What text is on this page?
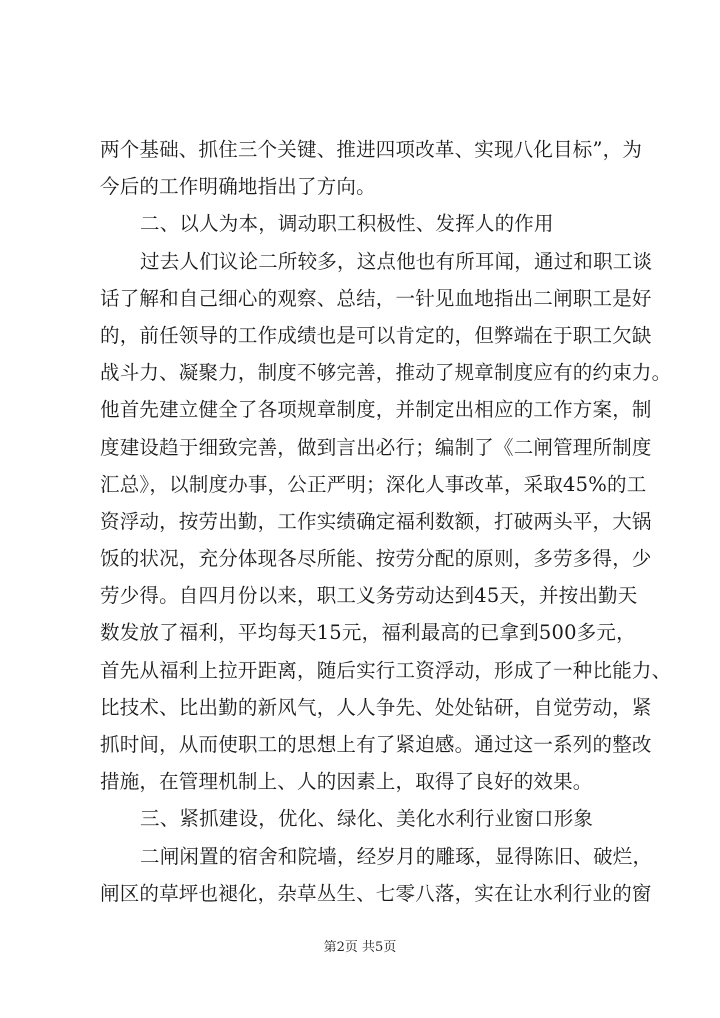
两个基础、抓住三个关键、推进四项改革、实现八化目标”，为
今后的工作明确地指出了方向。
二、以人为本，调动职工积极性、发挥人的作用
过去人们议论二所较多，这点他也有所耳闻，通过和职工谈
话了解和自己细心的观察、总结，一针见血地指出二闸职工是好
的，前任领导的工作成绩也是可以肯定的，但弊端在于职工欠缺
战斗力、凝聚力，制度不够完善，推动了规章制度应有的约束力。
他首先建立健全了各项规章制度，并制定出相应的工作方案，制
度建设趋于细致完善，做到言出必行；编制了《二闸管理所制度
汇总》，以制度办事，公正严明；深化人事改革，采取45%的工
资浮动，按劳出勤，工作实绩确定福利数额，打破两头平，大锅
饭的状况，充分体现各尽所能、按劳分配的原则，多劳多得，少
劳少得。自四月份以来，职工义务劳动达到45天，并按出勤天
数发放了福利，平均每天15元，福利最高的已拿到500多元，
首先从福利上拉开距离，随后实行工资浮动，形成了一种比能力、
比技术、比出勤的新风气，人人争先、处处钻研，自觉劳动，紧
抓时间，从而使职工的思想上有了紧迫感。通过这一系列的整改
措施，在管理机制上、人的因素上，取得了良好的效果。
三、紧抓建设，优化、绿化、美化水利行业窗口形象
二闸闲置的宿舍和院墙，经岁月的雕琢，显得陈旧、破烂，
闸区的草坪也褪化，杂草丛生、七零八落，实在让水利行业的窗
第2页 共5页
